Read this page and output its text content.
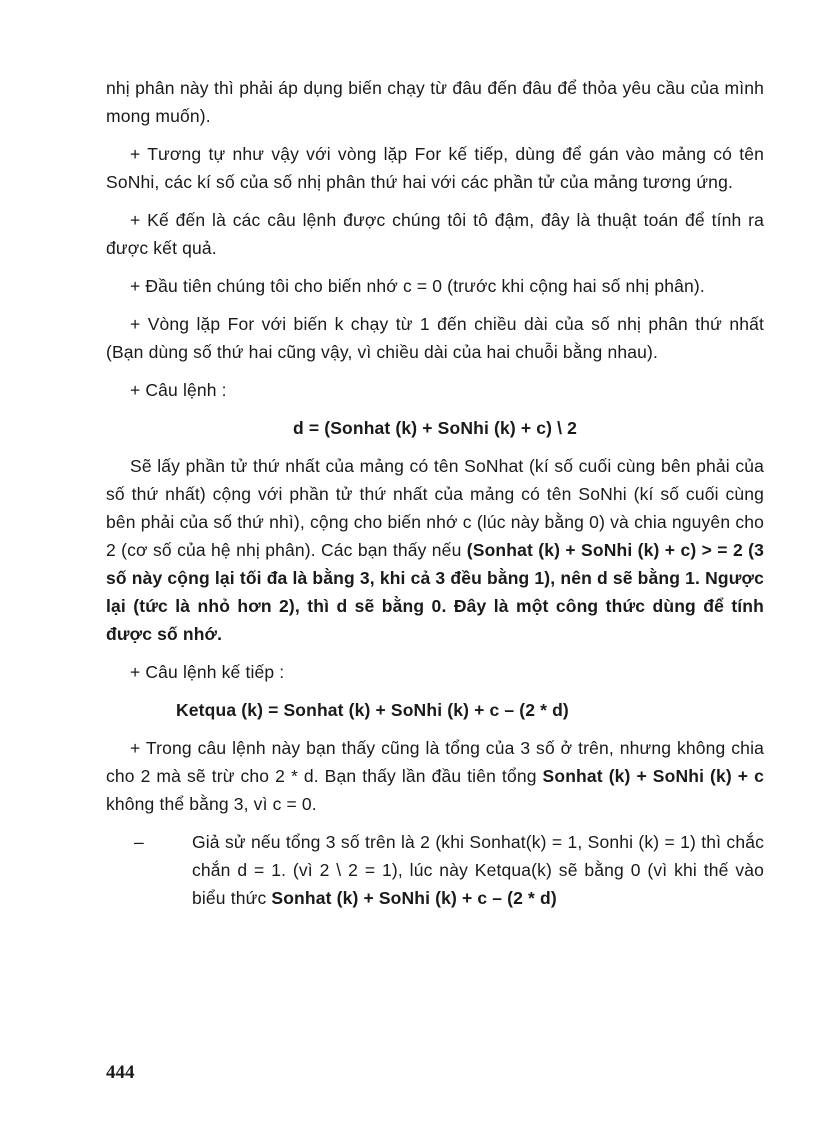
nhị phân này thì phải áp dụng biến chạy từ đâu đến đâu để thỏa yêu cầu của mình mong muốn).

+ Tương tự như vậy với vòng lặp For kế tiếp, dùng để gán vào mảng có tên SoNhi, các kí số của số nhị phân thứ hai với các phần tử của mảng tương ứng.

+ Kế đến là các câu lệnh được chúng tôi tô đậm, đây là thuật toán để tính ra được kết quả.

+ Đầu tiên chúng tôi cho biến nhớ c = 0 (trước khi cộng hai số nhị phân).

+ Vòng lặp For với biến k chạy từ 1 đến chiều dài của số nhị phân thứ nhất (Bạn dùng số thứ hai cũng vậy, vì chiều dài của hai chuỗi bằng nhau).

+ Câu lệnh :

d = (Sonhat (k) + SoNhi (k) + c) \ 2

Sẽ lấy phần tử thứ nhất của mảng có tên SoNhat (kí số cuối cùng bên phải của số thứ nhất) cộng với phần tử thứ nhất của mảng có tên SoNhi (kí số cuối cùng bên phải của số thứ nhì), cộng cho biến nhớ c (lúc này bằng 0) và chia nguyên cho 2 (cơ số của hệ nhị phân). Các bạn thấy nếu (Sonhat (k) + SoNhi (k) + c) > = 2 (3 số này cộng lại tối đa là bằng 3, khi cả 3 đều bằng 1), nên d sẽ bằng 1. Ngược lại (tức là nhỏ hơn 2), thì d sẽ bằng 0. Đây là một công thức dùng để tính được số nhớ.

+ Câu lệnh kế tiếp :

Ketqua (k) = Sonhat (k) + SoNhi (k) + c – (2 * d)

+ Trong câu lệnh này bạn thấy cũng là tổng của 3 số ở trên, nhưng không chia cho 2 mà sẽ trừ cho 2 * d. Bạn thấy lần đầu tiên tổng Sonhat (k) + SoNhi (k) + c không thể bằng 3, vì c = 0.

–	Giả sử nếu tổng 3 số trên là 2 (khi Sonhat(k) = 1, Sonhi (k) = 1) thì chắc chắn d = 1. (vì 2 \ 2 = 1), lúc này Ketqua(k) sẽ bằng 0 (vì khi thế vào biểu thức Sonhat (k) + SoNhi (k) + c – (2 * d)
444
